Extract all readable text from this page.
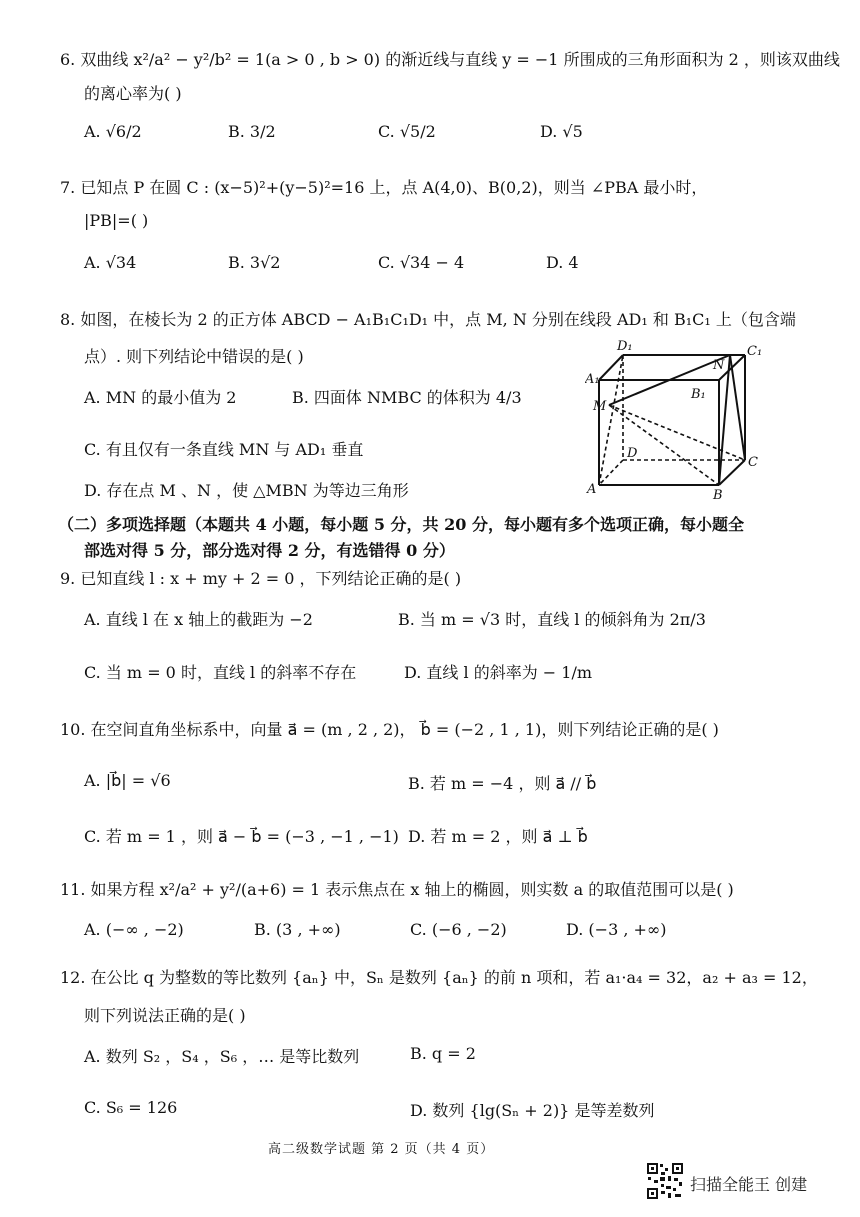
6. 双曲线 x²/a² − y²/b² = 1(a > 0 , b > 0) 的渐近线与直线 y = −1 所围成的三角形面积为 2 ，则该双曲线
的离心率为( )
A. √6/2	B. 3/2	C. √5/2	D. √5
7. 已知点 P 在圆 C : (x−5)²+(y−5)²=16 上，点 A(4,0)、B(0,2)，则当 ∠PBA 最小时，
|PB|=( )
A. √34	B. 3√2	C. √34 − 4	D. 4
8. 如图，在棱长为 2 的正方体 ABCD − A₁B₁C₁D₁ 中，点 M, N 分别在线段 AD₁ 和 B₁C₁ 上（包含端
点）. 则下列结论中错误的是( )
A. MN 的最小值为 2	B. 四面体 NMBC 的体积为 4/3
C. 有且仅有一条直线 MN 与 AD₁ 垂直
D. 存在点 M 、N ，使 △MBN 为等边三角形
D₁	C₁
A₁
B₁
N
M
D
C
A	B
（二）多项选择题（本题共 4 小题，每小题 5 分，共 20 分，每小题有多个选项正确，每小题全
部选对得 5 分，部分选对得 2 分，有选错得 0 分）
9. 已知直线 l : x + my + 2 = 0 ，下列结论正确的是( )
A. 直线 l 在 x 轴上的截距为 −2	B. 当 m = √3 时，直线 l 的倾斜角为 2π/3
C. 当 m = 0 时，直线 l 的斜率不存在	D. 直线 l 的斜率为 − 1/m
10. 在空间直角坐标系中，向量 a⃗ = (m , 2 , 2)， b⃗ = (−2 , 1 , 1)，则下列结论正确的是( )
A. |b⃗| = √6	B. 若 m = −4 ，则 a⃗ // b⃗
C. 若 m = 1 ，则 a⃗ − b⃗ = (−3 , −1 , −1) D. 若 m = 2 ，则 a⃗ ⊥ b⃗
11. 如果方程 x²/a² + y²/(a+6) = 1 表示焦点在 x 轴上的椭圆，则实数 a 的取值范围可以是( )
A. (−∞ , −2)	B. (3 , +∞)	C. (−6 , −2)	D. (−3 , +∞)
12. 在公比 q 为整数的等比数列 {aₙ} 中，Sₙ 是数列 {aₙ} 的前 n 项和，若 a₁·a₄ = 32，a₂ + a₃ = 12，
则下列说法正确的是( )
A. 数列 S₂ ，S₄ ，S₆ ，… 是等比数列	B. q = 2
C. S₆ = 126	D. 数列 {lg(Sₙ + 2)} 是等差数列
高二级数学试题 第 2 页（共 4 页）
扫描全能王 创建
